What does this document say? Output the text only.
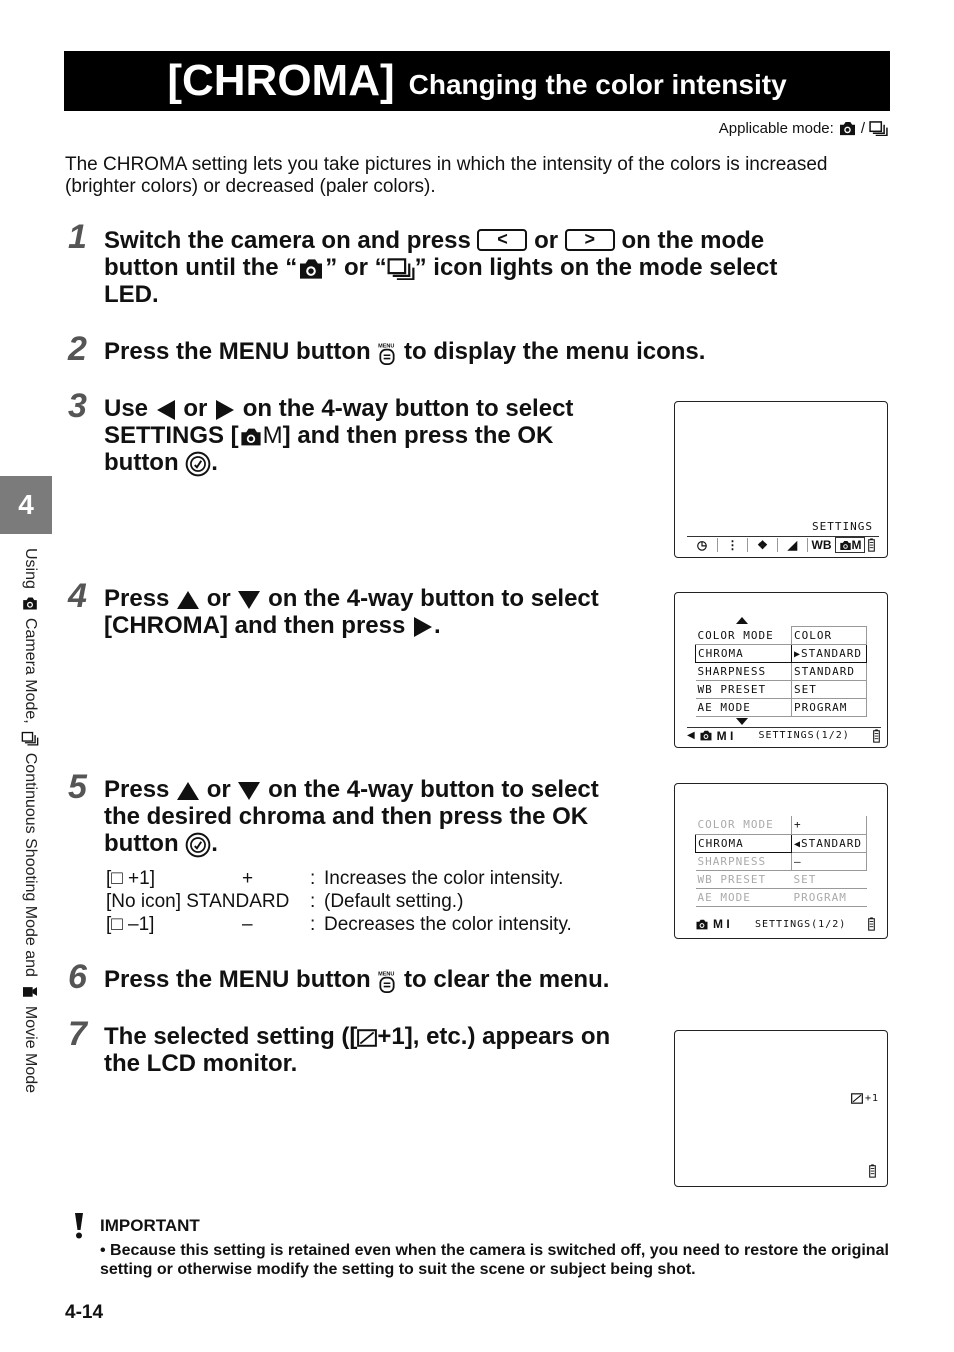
[CHROMA] Changing the color intensity
Applicable mode: /
The CHROMA setting lets you take pictures in which the intensity of the colors is increased (brighter colors) or decreased (paler colors).
4
Using
Camera Mode,
Continuous Shooting Mode and
Movie Mode
1 Switch the camera on and press < or > on the mode
button until the “ ” or “ ” icon lights on the mode select
LED.
2 Press the MENU button to display the menu icons.
3 Use or on the 4-way button to select
SETTINGS [ M] and then press the OK
button .
SETTINGS
◷	⋮	❖	◢	WB M
4 Press or on the 4-way button to select
[CHROMA] and then press .	COLOR MODE	COLOR
CHROMA	▶STANDARD
SHARPNESS	STANDARD
WB PRESET	SET
AE MODE	PROGRAM
◀ M I	SETTINGS(1/2)
5 Press or on the 4-way button to select
the desired chroma and then press the OK
button .
[□ +1]	+	:	Increases the color intensity.
[No icon] STANDARD		:	(Default setting.)
[□ –1]	–	:	Decreases the color intensity.
COLOR MODE	+
CHROMA	◀STANDARD
SHARPNESS	–
WB PRESET	SET
AE MODE	PROGRAM
M I	SETTINGS(1/2)
6 Press the MENU button to clear the menu.
7 The selected setting ([ +1], etc.) appears on
the LCD monitor.
+1
IMPORTANT
• Because this setting is retained even when the camera is switched off, you need to restore the original setting or otherwise modify the setting to suit the scene or subject being shot.
4-14
